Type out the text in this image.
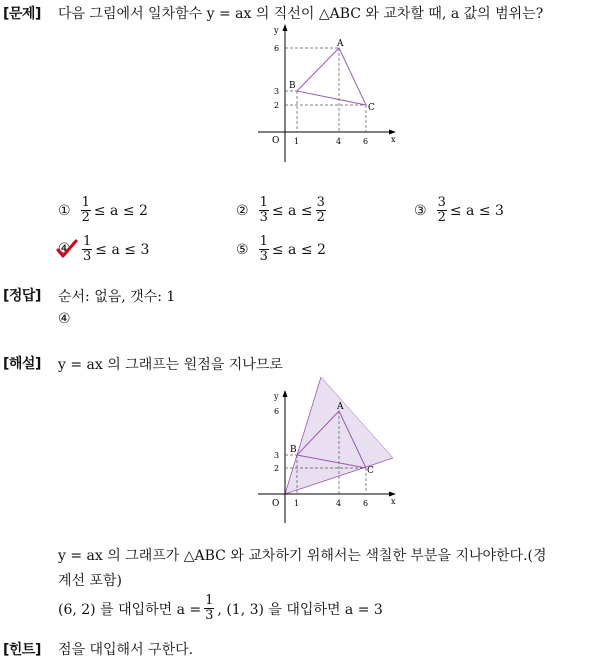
[문제] 다음 그림에서 일차함수 y = ax 의 직선이 △ABC 와 교차할 때, a 값의 범위는?
y
x
O 1	4	6
6
3
2
A
B
C
① $\frac{1}{2} \le a$ ≤
2	② $\frac{1}{3} \le a \le \frac{3}{2}$	③ $\frac{3}{2} \le a$ ≤
3
④ $\frac{1}{3} \le a$ ≤
3	⑤ $\frac{1}{3} \le a$ ≤
2
[정답] 순서: 없음, 갯수: 1
④
[해설] y = ax 의 그래프는 원점을 지나므로
y
x
O 1	4	6
6
3
2
A
B
C
y = ax 의 그래프가 △ABC 와 교차하기 위해서는 색칠한 부분을 지나야한다.(경
계선 포함)
(6, 2) 를 대입하면 $a = \frac{1}{3}$ , (1, 3) 을 대입하면 a = 3
[힌트] 점을 대입해서 구한다.
